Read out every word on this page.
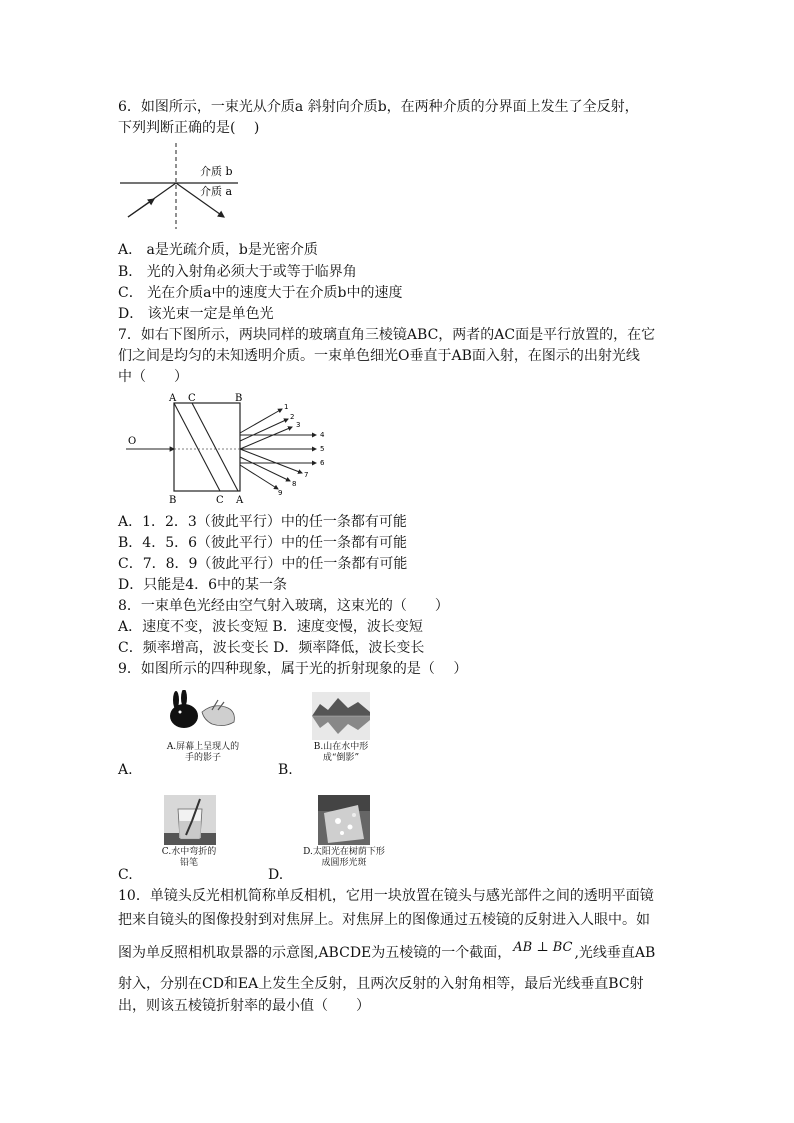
6．如图所示，一束光从介质a 斜射向介质b，在两种介质的分界面上发生了全反射，
下列判断正确的是(　 )
介质 b
介质 a
A． a是光疏介质，b是光密介质
B． 光的入射角必须大于或等于临界角
C． 光在介质a中的速度大于在介质b中的速度
D． 该光束一定是单色光
7．如右下图所示，两块同样的玻璃直角三棱镜ABC，两者的AC面是平行放置的，在它
们之间是均匀的未知透明介质。一束单色细光O垂直于AB面入射，在图示的出射光线
中（　　）
A C	B
B	C A
O
1
2
3
4
5
6
7
8
9
A．1．2．3（彼此平行）中的任一条都有可能
B．4．5．6（彼此平行）中的任一条都有可能
C．7．8．9（彼此平行）中的任一条都有可能
D．只能是4．6中的某一条
8．一束单色光经由空气射入玻璃，这束光的（　　）
A．速度不变，波长变短 B．速度变慢，波长变短
C．频率增高，波长变长 D．频率降低，波长变长
9．如图所示的四种现象，属于光的折射现象的是（　 ）
A.屏幕上呈现人的手的影子
A.
B.山在水中形成“倒影”
B.
C.水中弯折的铅笔
C.
D.太阳光在树荫下形成圆形光斑
D.
10．单镜头反光相机简称单反相机，它用一块放置在镜头与感光部件之间的透明平面镜
把来自镜头的图像投射到对焦屏上。对焦屏上的图像通过五棱镜的反射进入人眼中。如
图为单反照相机取景器的示意图,ABCDE为五棱镜的一个截面， AB ⊥ BC ,光线垂直AB
射入，分别在CD和EA上发生全反射，且两次反射的入射角相等，最后光线垂直BC射
出，则该五棱镜折射率的最小值（　　）
